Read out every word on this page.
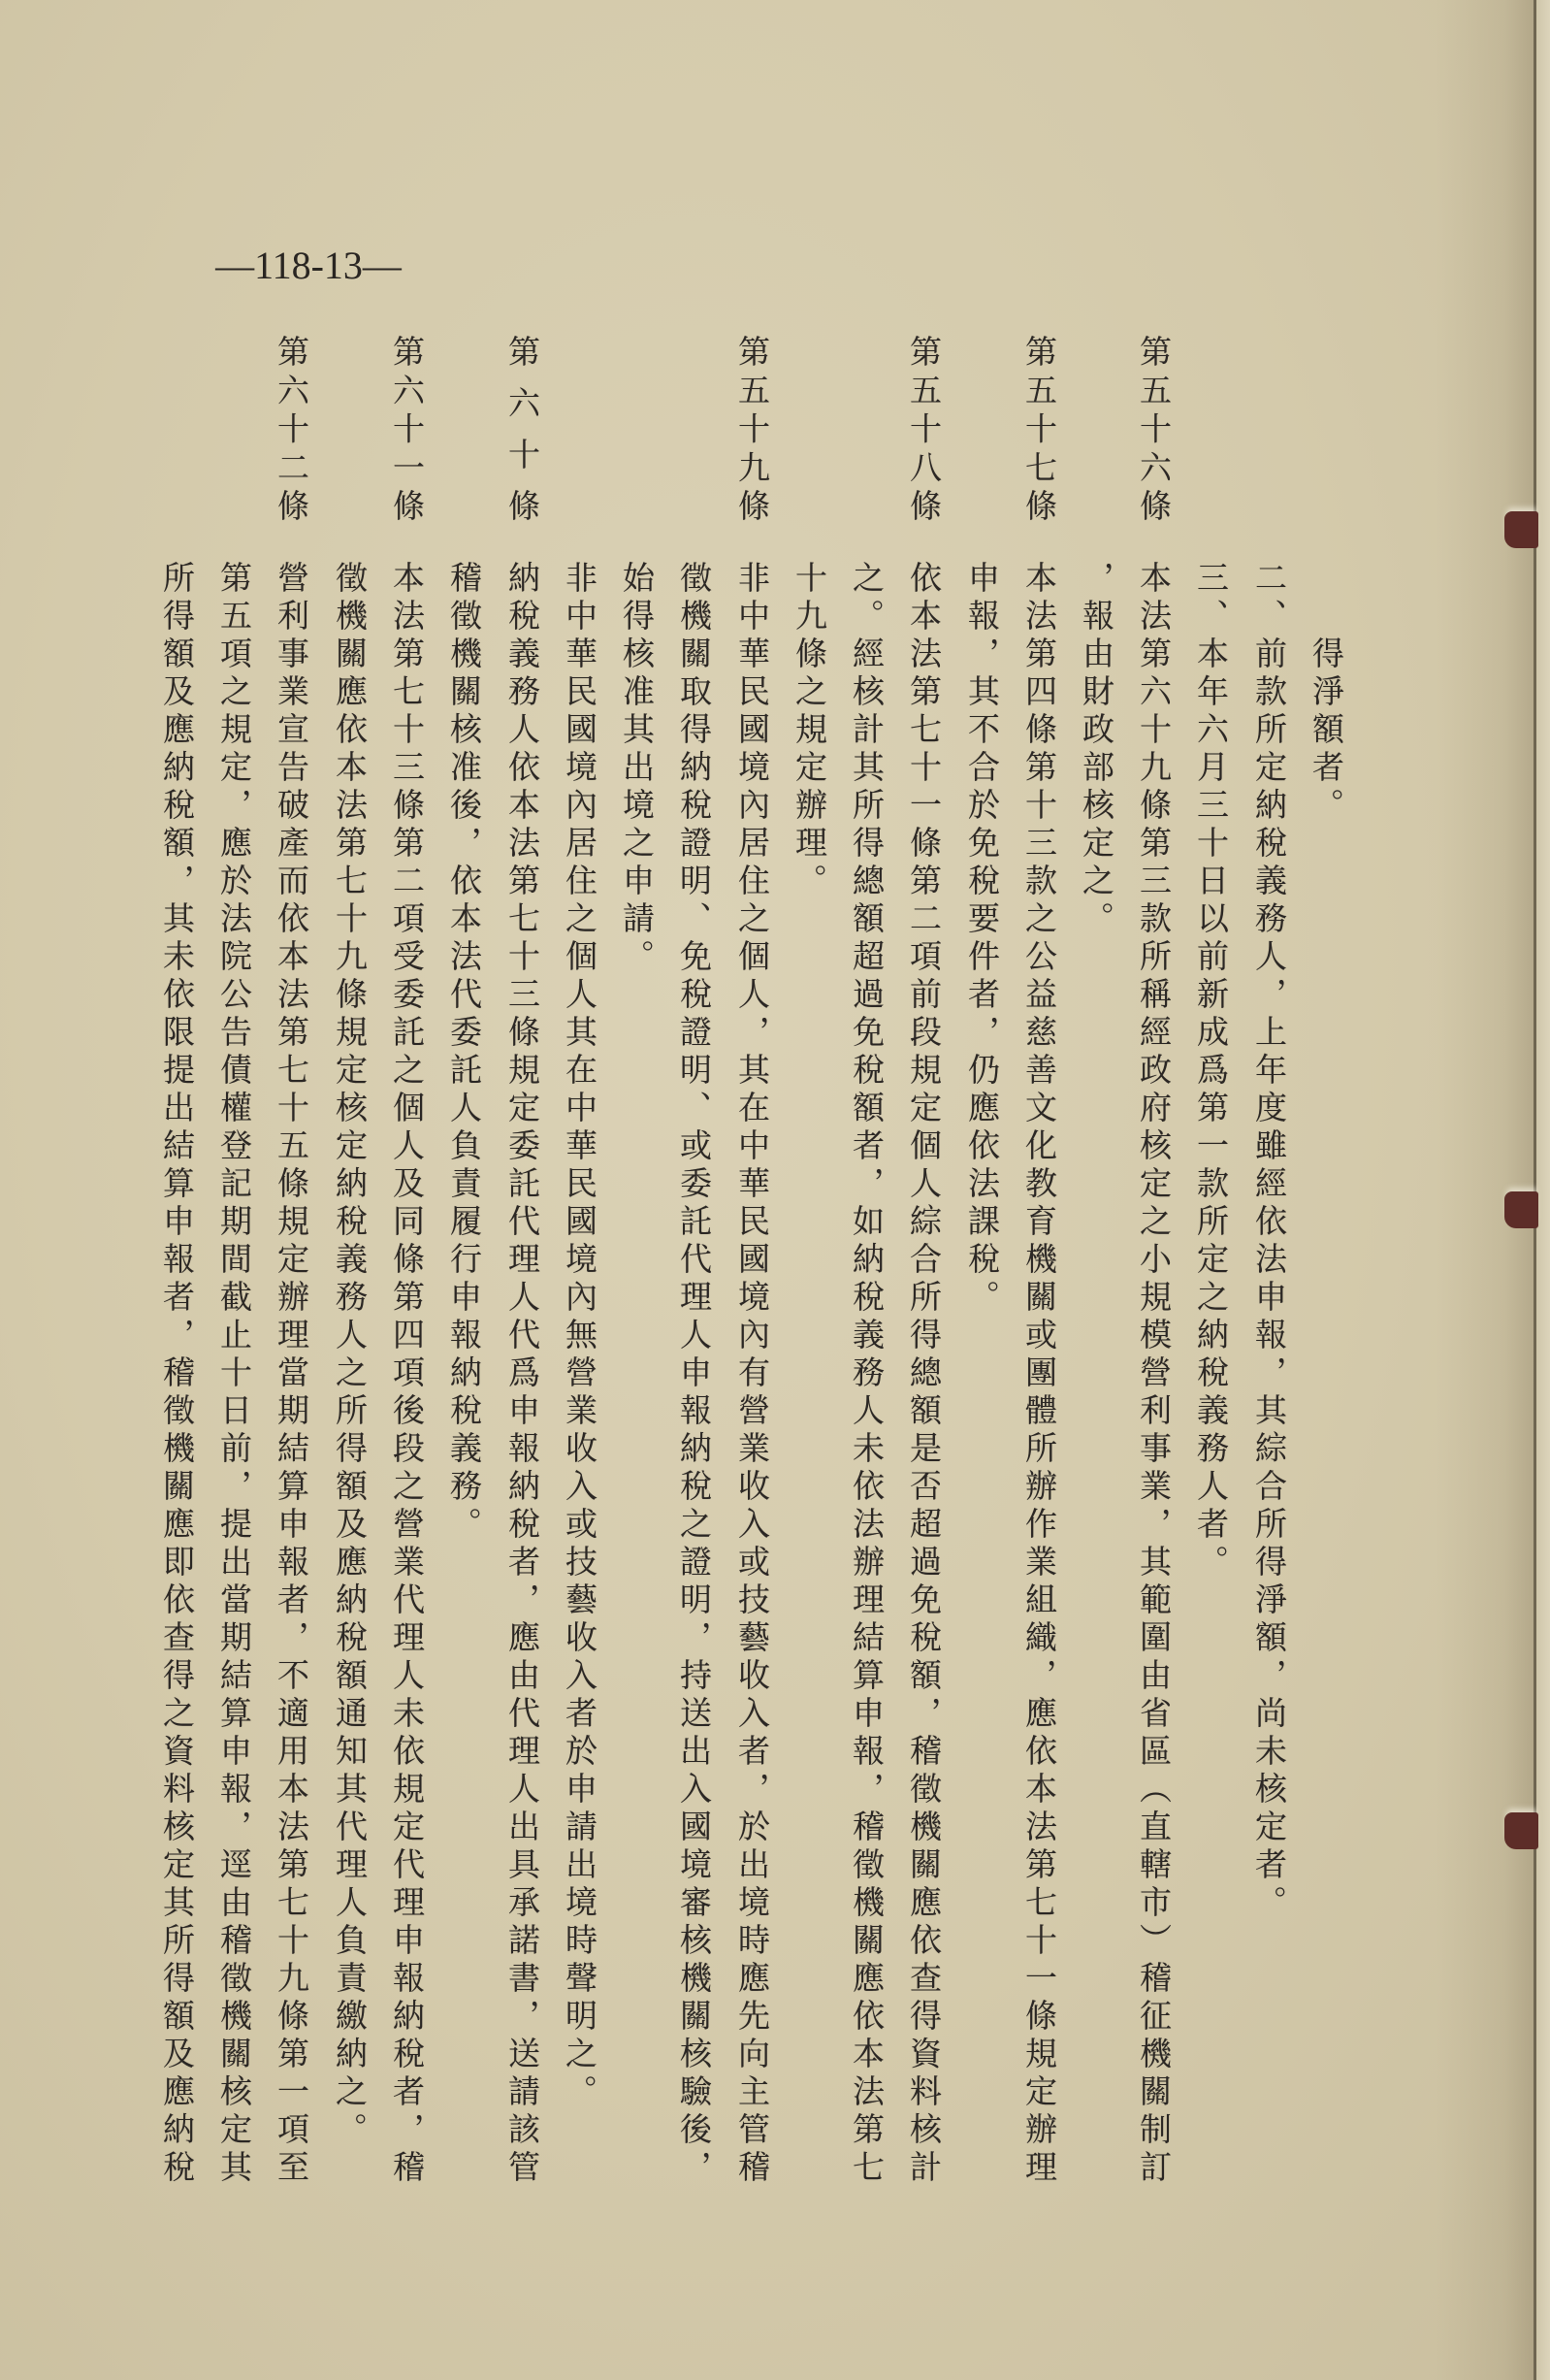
—118-13—
得淨額者。
二、前款所定納稅義務人，上年度雖經依法申報，其綜合所得淨額，尚未核定者。
三、本年六月三十日以前新成爲第一款所定之納稅義務人者。
第五十六條
本法第六十九條第三款所稱經政府核定之小規模營利事業，其範圍由省區（直轄市）稽征機關制訂
，報由財政部核定之。
第五十七條
本法第四條第十三款之公益慈善文化教育機關或團體所辦作業組織，應依本法第七十一條規定辦理
申報，其不合於免稅要件者，仍應依法課稅。
第五十八條
依本法第七十一條第二項前段規定個人綜合所得總額是否超過免稅額，稽徵機關應依查得資料核計
之。經核計其所得總額超過免稅額者，如納稅義務人未依法辦理結算申報，稽徵機關應依本法第七
十九條之規定辦理。
第五十九條
非中華民國境內居住之個人，其在中華民國境內有營業收入或技藝收入者，於出境時應先向主管稽
徵機關取得納稅證明、免稅證明、或委託代理人申報納稅之證明，持送出入國境審核機關核驗後，
始得核准其出境之申請。
非中華民國境內居住之個人其在中華民國境內無營業收入或技藝收入者於申請出境時聲明之。
第六十條
納稅義務人依本法第七十三條規定委託代理人代爲申報納稅者，應由代理人出具承諾書，送請該管
稽徵機關核准後，依本法代委託人負責履行申報納稅義務。
第六十一條
本法第七十三條第二項受委託之個人及同條第四項後段之營業代理人未依規定代理申報納稅者，稽
徵機關應依本法第七十九條規定核定納稅義務人之所得額及應納稅額通知其代理人負責繳納之。
第六十二條
營利事業宣告破產而依本法第七十五條規定辦理當期結算申報者，不適用本法第七十九條第一項至
第五項之規定，應於法院公告債權登記期間截止十日前，提出當期結算申報，逕由稽徵機關核定其
所得額及應納稅額，其未依限提出結算申報者，稽徵機關應即依查得之資料核定其所得額及應納稅
